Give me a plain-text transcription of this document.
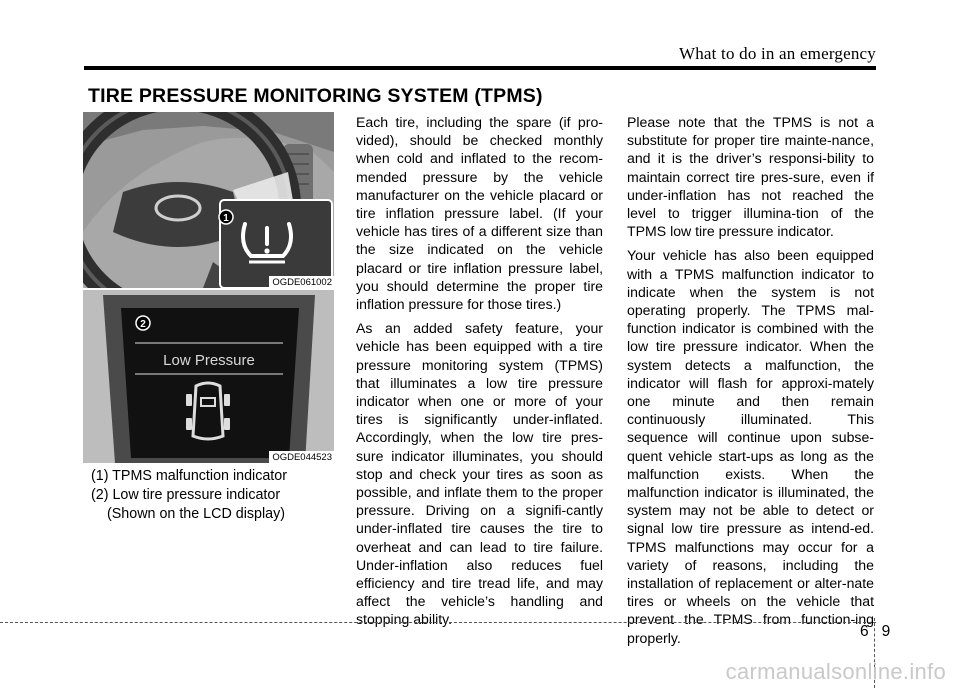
What to do in an emergency
TIRE PRESSURE MONITORING SYSTEM (TPMS)
1
OGDE061002
2
Low Pressure
OGDE044523

(1) TPMS malfunction indicator

(2) Low tire pressure indicator

(Shown on the LCD display)

Each tire, including the spare (if pro-vided), should be checked monthly when cold and inflated to the recom-mended pressure by the vehicle manufacturer on the vehicle placard or tire inflation pressure label. (If your vehicle has tires of a different size than the size indicated on the vehicle placard or tire inflation pressure label, you should determine the proper tire inflation pressure for those tires.)

As an added safety feature, your vehicle has been equipped with a tire pressure monitoring system (TPMS) that illuminates a low tire pressure indicator when one or more of your tires is significantly under-inflated. Accordingly, when the low tire pres-sure indicator illuminates, you should stop and check your tires as soon as possible, and inflate them to the proper pressure. Driving on a signifi-cantly under-inflated tire causes the tire to overheat and can lead to tire failure. Under-inflation also reduces fuel efficiency and tire tread life, and may affect the vehicle’s handling and stopping ability.

Please note that the TPMS is not a substitute for proper tire mainte-nance, and it is the driver’s responsi-bility to maintain correct tire pres-sure, even if under-inflation has not reached the level to trigger illumina-tion of the TPMS low tire pressure indicator.

Your vehicle has also been equipped with a TPMS malfunction indicator to indicate when the system is not operating properly. The TPMS mal-function indicator is combined with the low tire pressure indicator. When the system detects a malfunction, the indicator will flash for approxi-mately one minute and then remain continuously illuminated. This sequence will continue upon subse-quent vehicle start-ups as long as the malfunction exists. When the malfunction indicator is illuminated, the system may not be able to detect or signal low tire pressure as intend-ed. TPMS malfunctions may occur for a variety of reasons, including the installation of replacement or alter-nate tires or wheels on the vehicle that prevent the TPMS from function-ing properly.	6 9
carmanualsonline.info
